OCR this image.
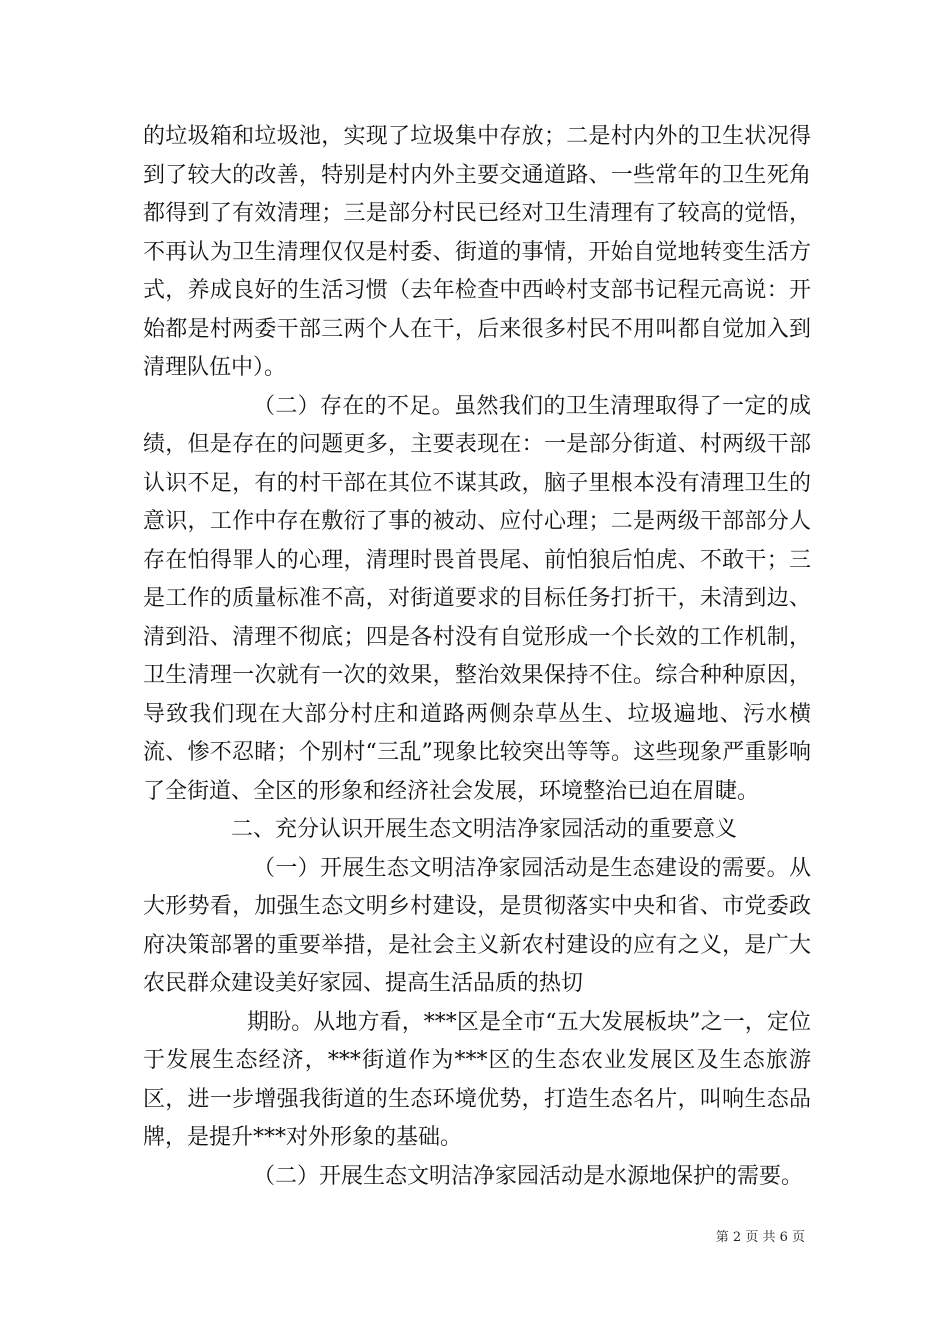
的垃圾箱和垃圾池，实现了垃圾集中存放；二是村内外的卫生状况得到了较大的改善，特别是村内外主要交通道路、一些常年的卫生死角都得到了有效清理；三是部分村民已经对卫生清理有了较高的觉悟，不再认为卫生清理仅仅是村委、街道的事情，开始自觉地转变生活方式，养成良好的生活习惯（去年检查中西岭村支部书记程元高说：开始都是村两委干部三两个人在干，后来很多村民不用叫都自觉加入到清理队伍中）。

（二）存在的不足。虽然我们的卫生清理取得了一定的成绩，但是存在的问题更多，主要表现在：一是部分街道、村两级干部认识不足，有的村干部在其位不谋其政，脑子里根本没有清理卫生的意识，工作中存在敷衍了事的被动、应付心理；二是两级干部部分人存在怕得罪人的心理，清理时畏首畏尾、前怕狼后怕虎、不敢干；三是工作的质量标准不高，对街道要求的目标任务打折干，未清到边、清到沿、清理不彻底；四是各村没有自觉形成一个长效的工作机制，卫生清理一次就有一次的效果，整治效果保持不住。综合种种原因，导致我们现在大部分村庄和道路两侧杂草丛生、垃圾遍地、污水横流、惨不忍睹；个别村“三乱”现象比较突出等等。这些现象严重影响了全街道、全区的形象和经济社会发展，环境整治已迫在眉睫。

二、充分认识开展生态文明洁净家园活动的重要意义

（一）开展生态文明洁净家园活动是生态建设的需要。从大形势看，加强生态文明乡村建设，是贯彻落实中央和省、市党委政府决策部署的重要举措，是社会主义新农村建设的应有之义，是广大农民群众建设美好家园、提高生活品质的热切

期盼。从地方看，***区是全市“五大发展板块”之一，定位于发展生态经济，***街道作为***区的生态农业发展区及生态旅游区，进一步增强我街道的生态环境优势，打造生态名片，叫响生态品牌，是提升***对外形象的基础。

（二）开展生态文明洁净家园活动是水源地保护的需要。

第 2 页 共 6 页
